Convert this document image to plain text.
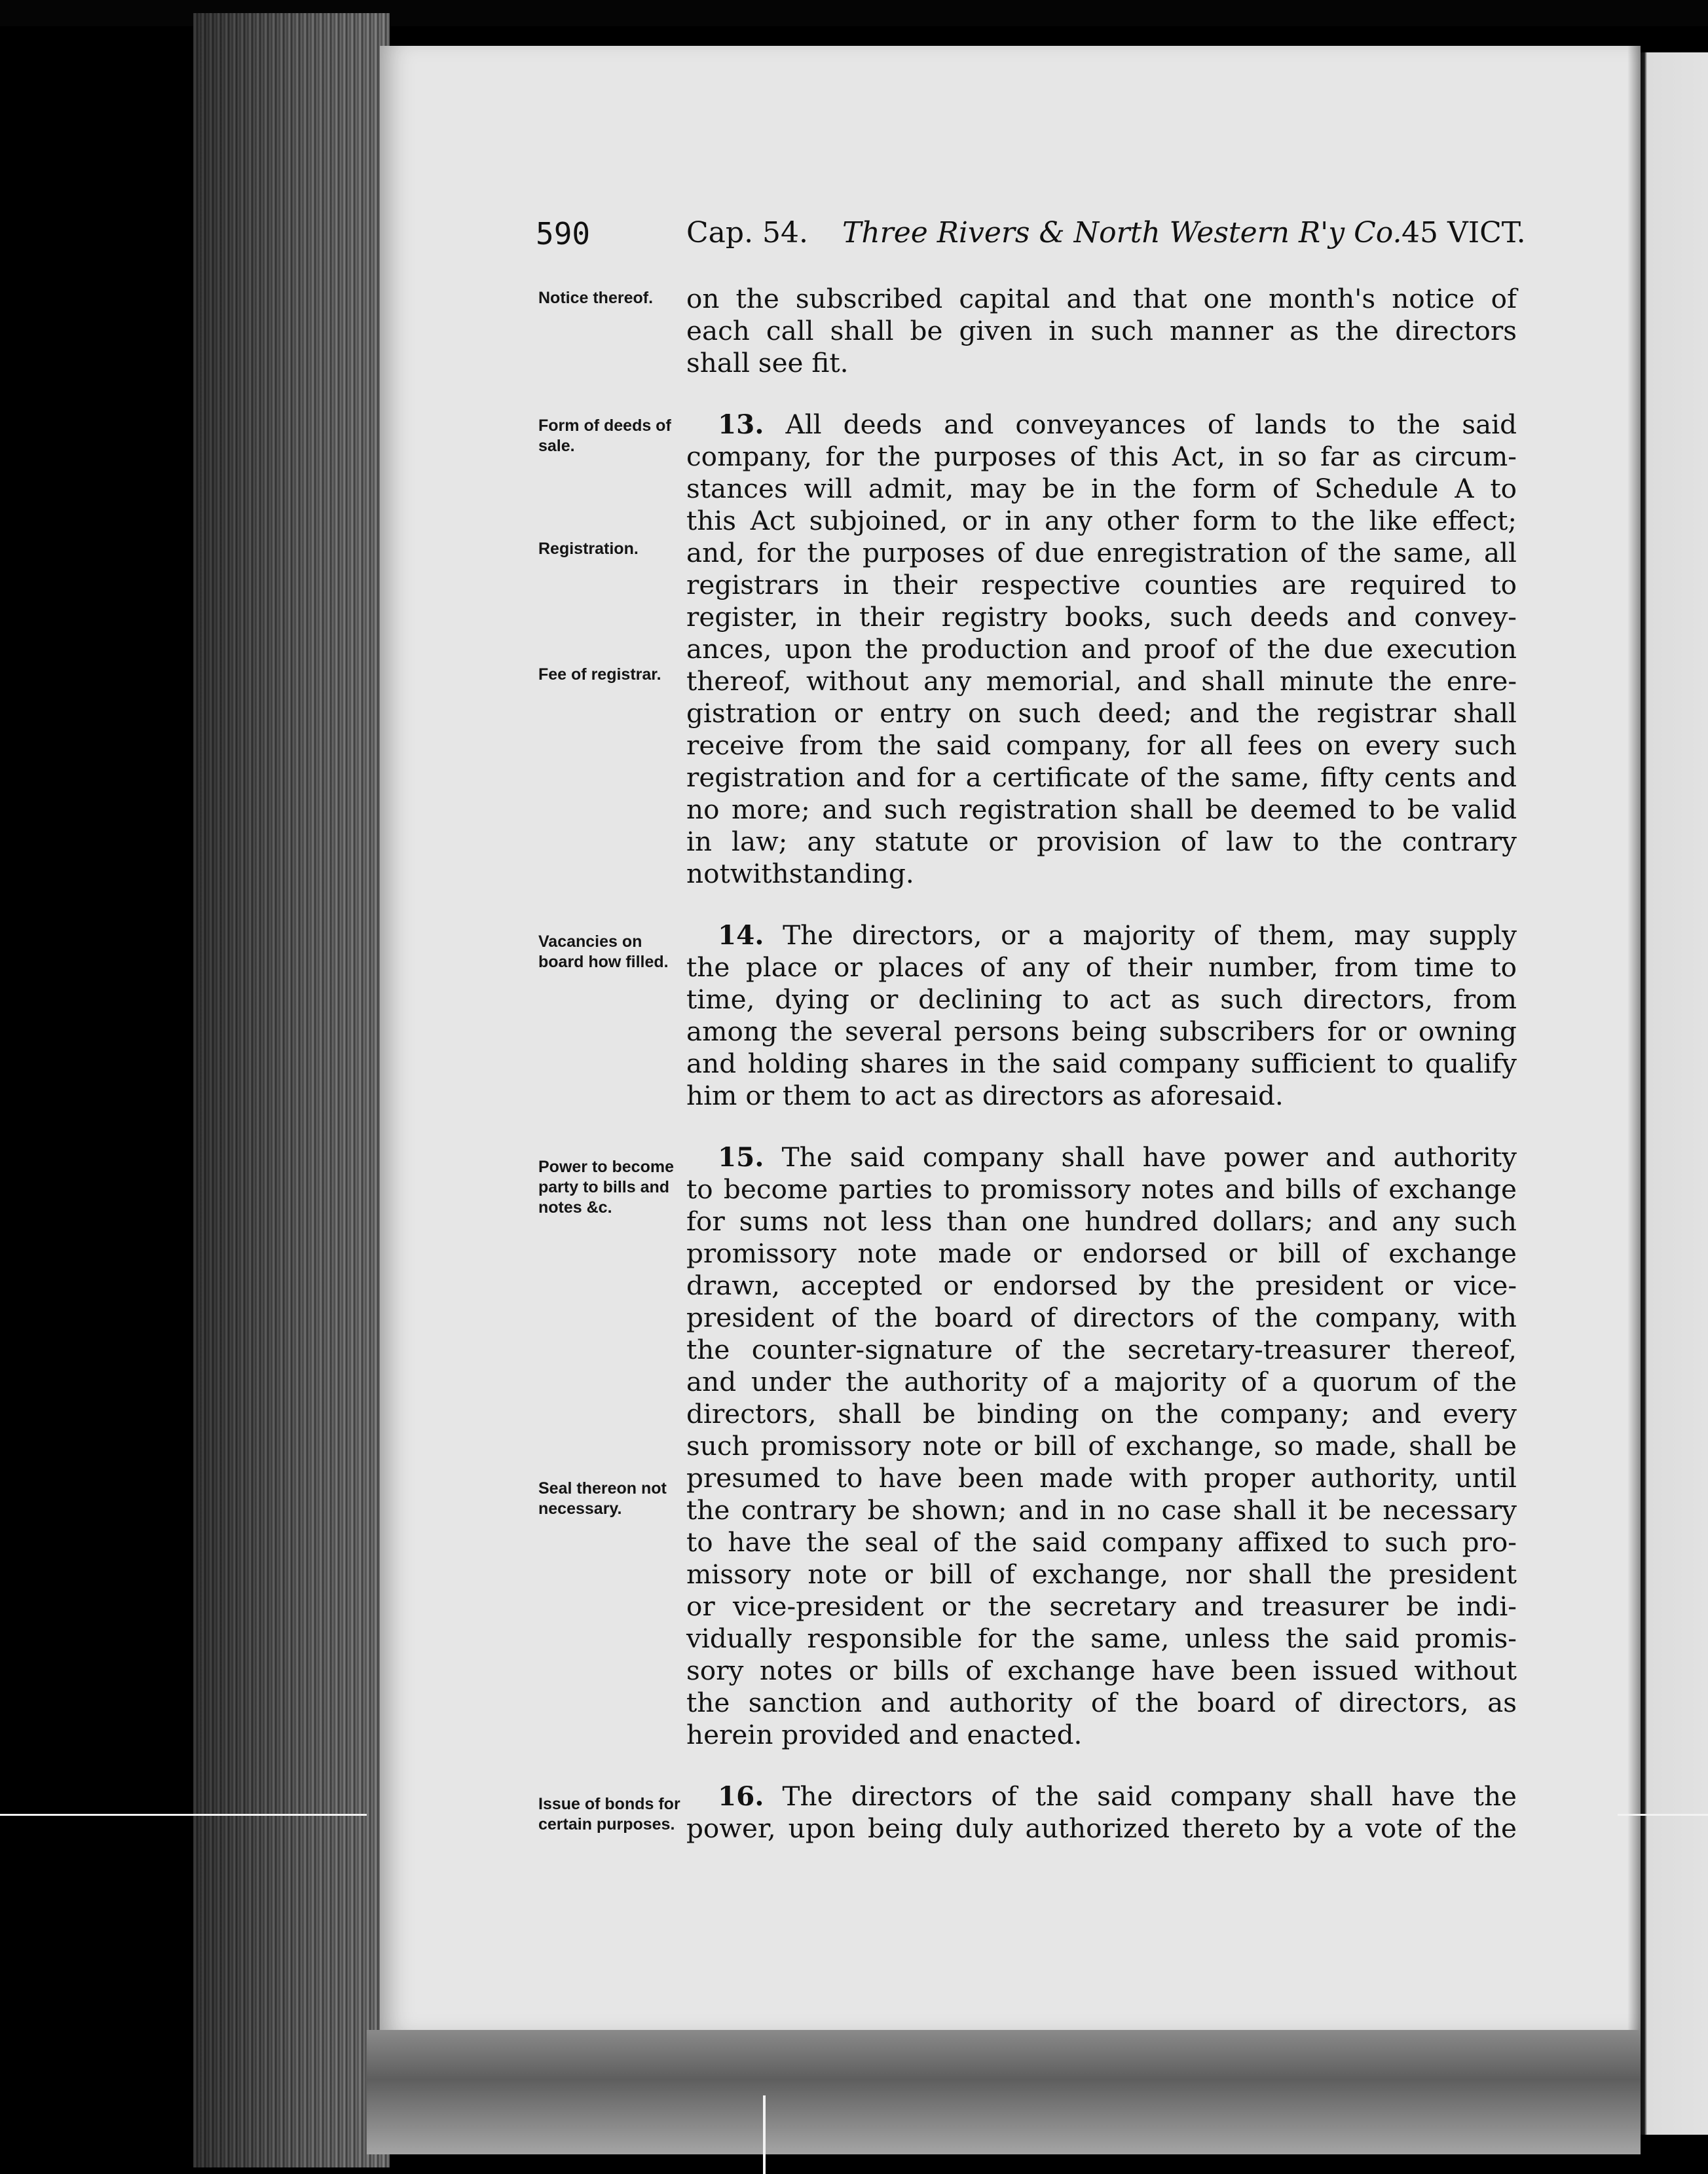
590	Cap. 54. Three Rivers & North Western R'y Co. 45 VICT.
Notice thereof.
Form of deeds of sale.
Registration.
Fee of registrar.
Vacancies on board how filled.
Power to become party to bills and notes &c.
Seal thereon not necessary.
Issue of bonds for certain purposes.
on the subscribed capital and that one month's notice of
each call shall be given in such manner as the directors
shall see fit.
13. All deeds and conveyances of lands to the said
company, for the purposes of this Act, in so far as circum-
stances will admit, may be in the form of Schedule A to
this Act subjoined, or in any other form to the like effect;
and, for the purposes of due enregistration of the same, all
registrars in their respective counties are required to
register, in their registry books, such deeds and convey-
ances, upon the production and proof of the due execution
thereof, without any memorial, and shall minute the enre-
gistration or entry on such deed; and the registrar shall
receive from the said company, for all fees on every such
registration and for a certificate of the same, fifty cents and
no more; and such registration shall be deemed to be valid
in law; any statute or provision of law to the contrary
notwithstanding.
14. The directors, or a majority of them, may supply
the place or places of any of their number, from time to
time, dying or declining to act as such directors, from
among the several persons being subscribers for or owning
and holding shares in the said company sufficient to qualify
him or them to act as directors as aforesaid.
15. The said company shall have power and authority
to become parties to promissory notes and bills of exchange
for sums not less than one hundred dollars; and any such
promissory note made or endorsed or bill of exchange
drawn, accepted or endorsed by the president or vice-
president of the board of directors of the company, with
the counter-signature of the secretary-treasurer thereof,
and under the authority of a majority of a quorum of the
directors, shall be binding on the company; and every
such promissory note or bill of exchange, so made, shall be
presumed to have been made with proper authority, until
the contrary be shown; and in no case shall it be necessary
to have the seal of the said company affixed to such pro-
missory note or bill of exchange, nor shall the president
or vice-president or the secretary and treasurer be indi-
vidually responsible for the same, unless the said promis-
sory notes or bills of exchange have been issued without
the sanction and authority of the board of directors, as
herein provided and enacted.
16. The directors of the said company shall have the
power, upon being duly authorized thereto by a vote of the
